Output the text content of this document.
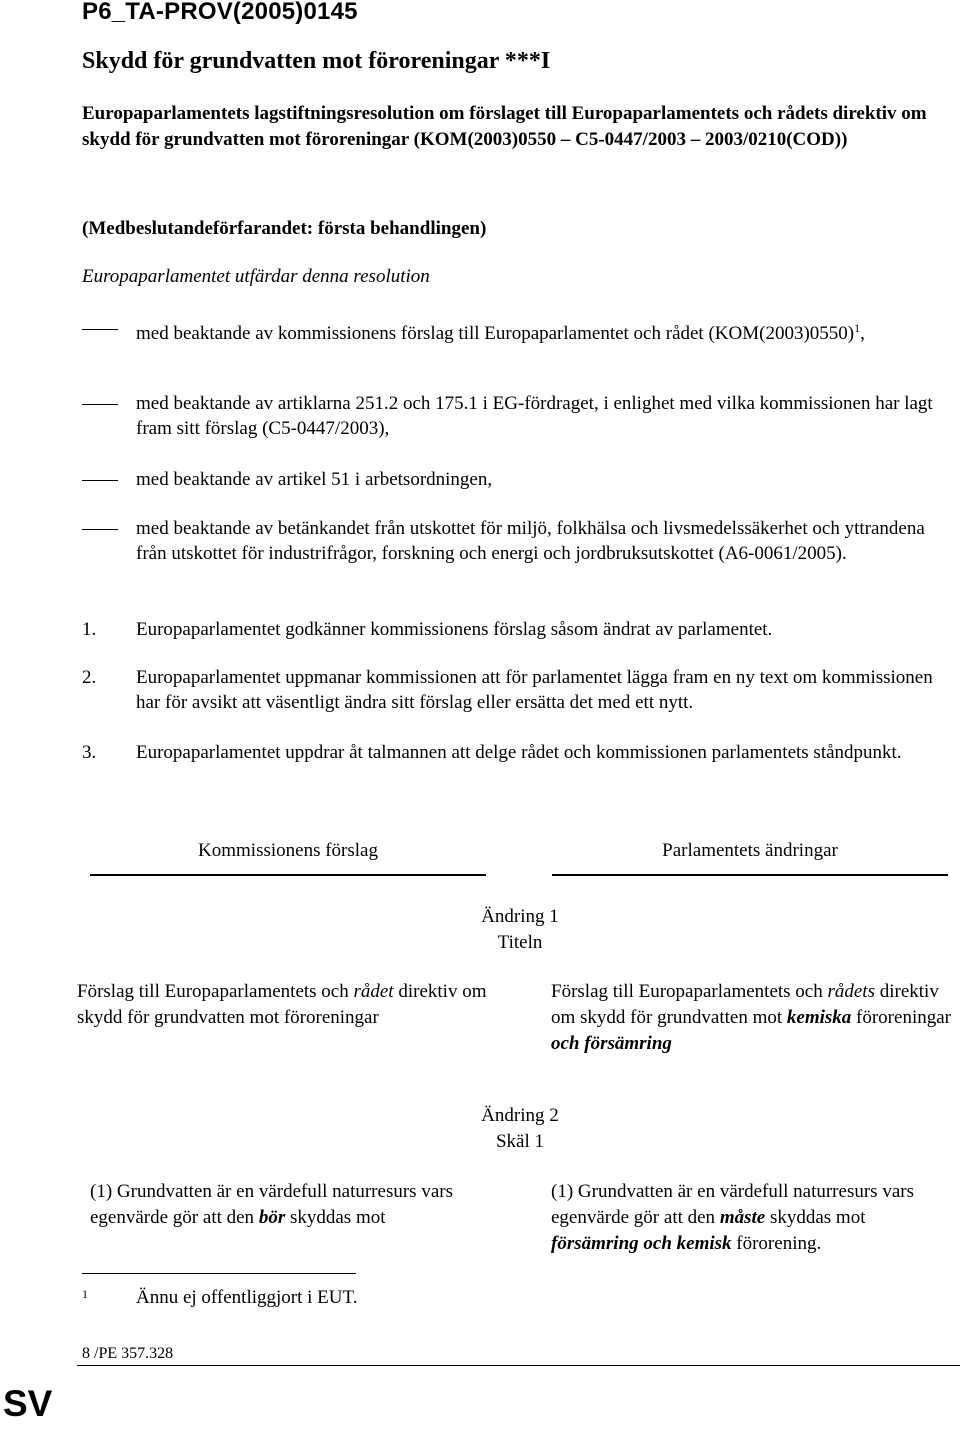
P6_TA-PROV(2005)0145
Skydd för grundvatten mot föroreningar ***I
Europaparlamentets lagstiftningsresolution om förslaget till Europaparlamentets och rådets direktiv om skydd för grundvatten mot föroreningar (KOM(2003)0550 – C5-0447/2003 – 2003/0210(COD))
(Medbeslutandeförfarandet: första behandlingen)
Europaparlamentet utfärdar denna resolution
med beaktande av kommissionens förslag till Europaparlamentet och rådet $(KOM(2003)0550)^1$,
med beaktande av artiklarna 251.2 och 175.1 i EG-fördraget, i enlighet med vilka kommissionen har lagt fram sitt förslag (C5-0447/2003),
med beaktande av artikel 51 i arbetsordningen,
med beaktande av betänkandet från utskottet för miljö, folkhälsa och livsmedelssäkerhet och yttrandena från utskottet för industrifrågor, forskning och energi och jordbruksutskottet (A6-0061/2005).
1. Europaparlamentet godkänner kommissionens förslag såsom ändrat av parlamentet.
2. Europaparlamentet uppmanar kommissionen att för parlamentet lägga fram en ny text om kommissionen har för avsikt att väsentligt ändra sitt förslag eller ersätta det med ett nytt.
3. Europaparlamentet uppdrar åt talmannen att delge rådet och kommissionen parlamentets ståndpunkt.
Kommissionens förslag	Parlamentets ändringar
Ändring 1
Titeln
Förslag till Europaparlamentets och rådet direktiv om skydd för grundvatten mot föroreningar
Förslag till Europaparlamentets och rådets direktiv om skydd för grundvatten mot kemiska föroreningar och försämring
Ändring 2
Skäl 1
(1) Grundvatten är en värdefull naturresurs vars egenvärde gör att den bör skyddas mot
(1) Grundvatten är en värdefull naturresurs vars egenvärde gör att den måste skyddas mot försämring och kemisk förorening.
1	Ännu ej offentliggjort i EUT.
8 /PE 357.328
SV
